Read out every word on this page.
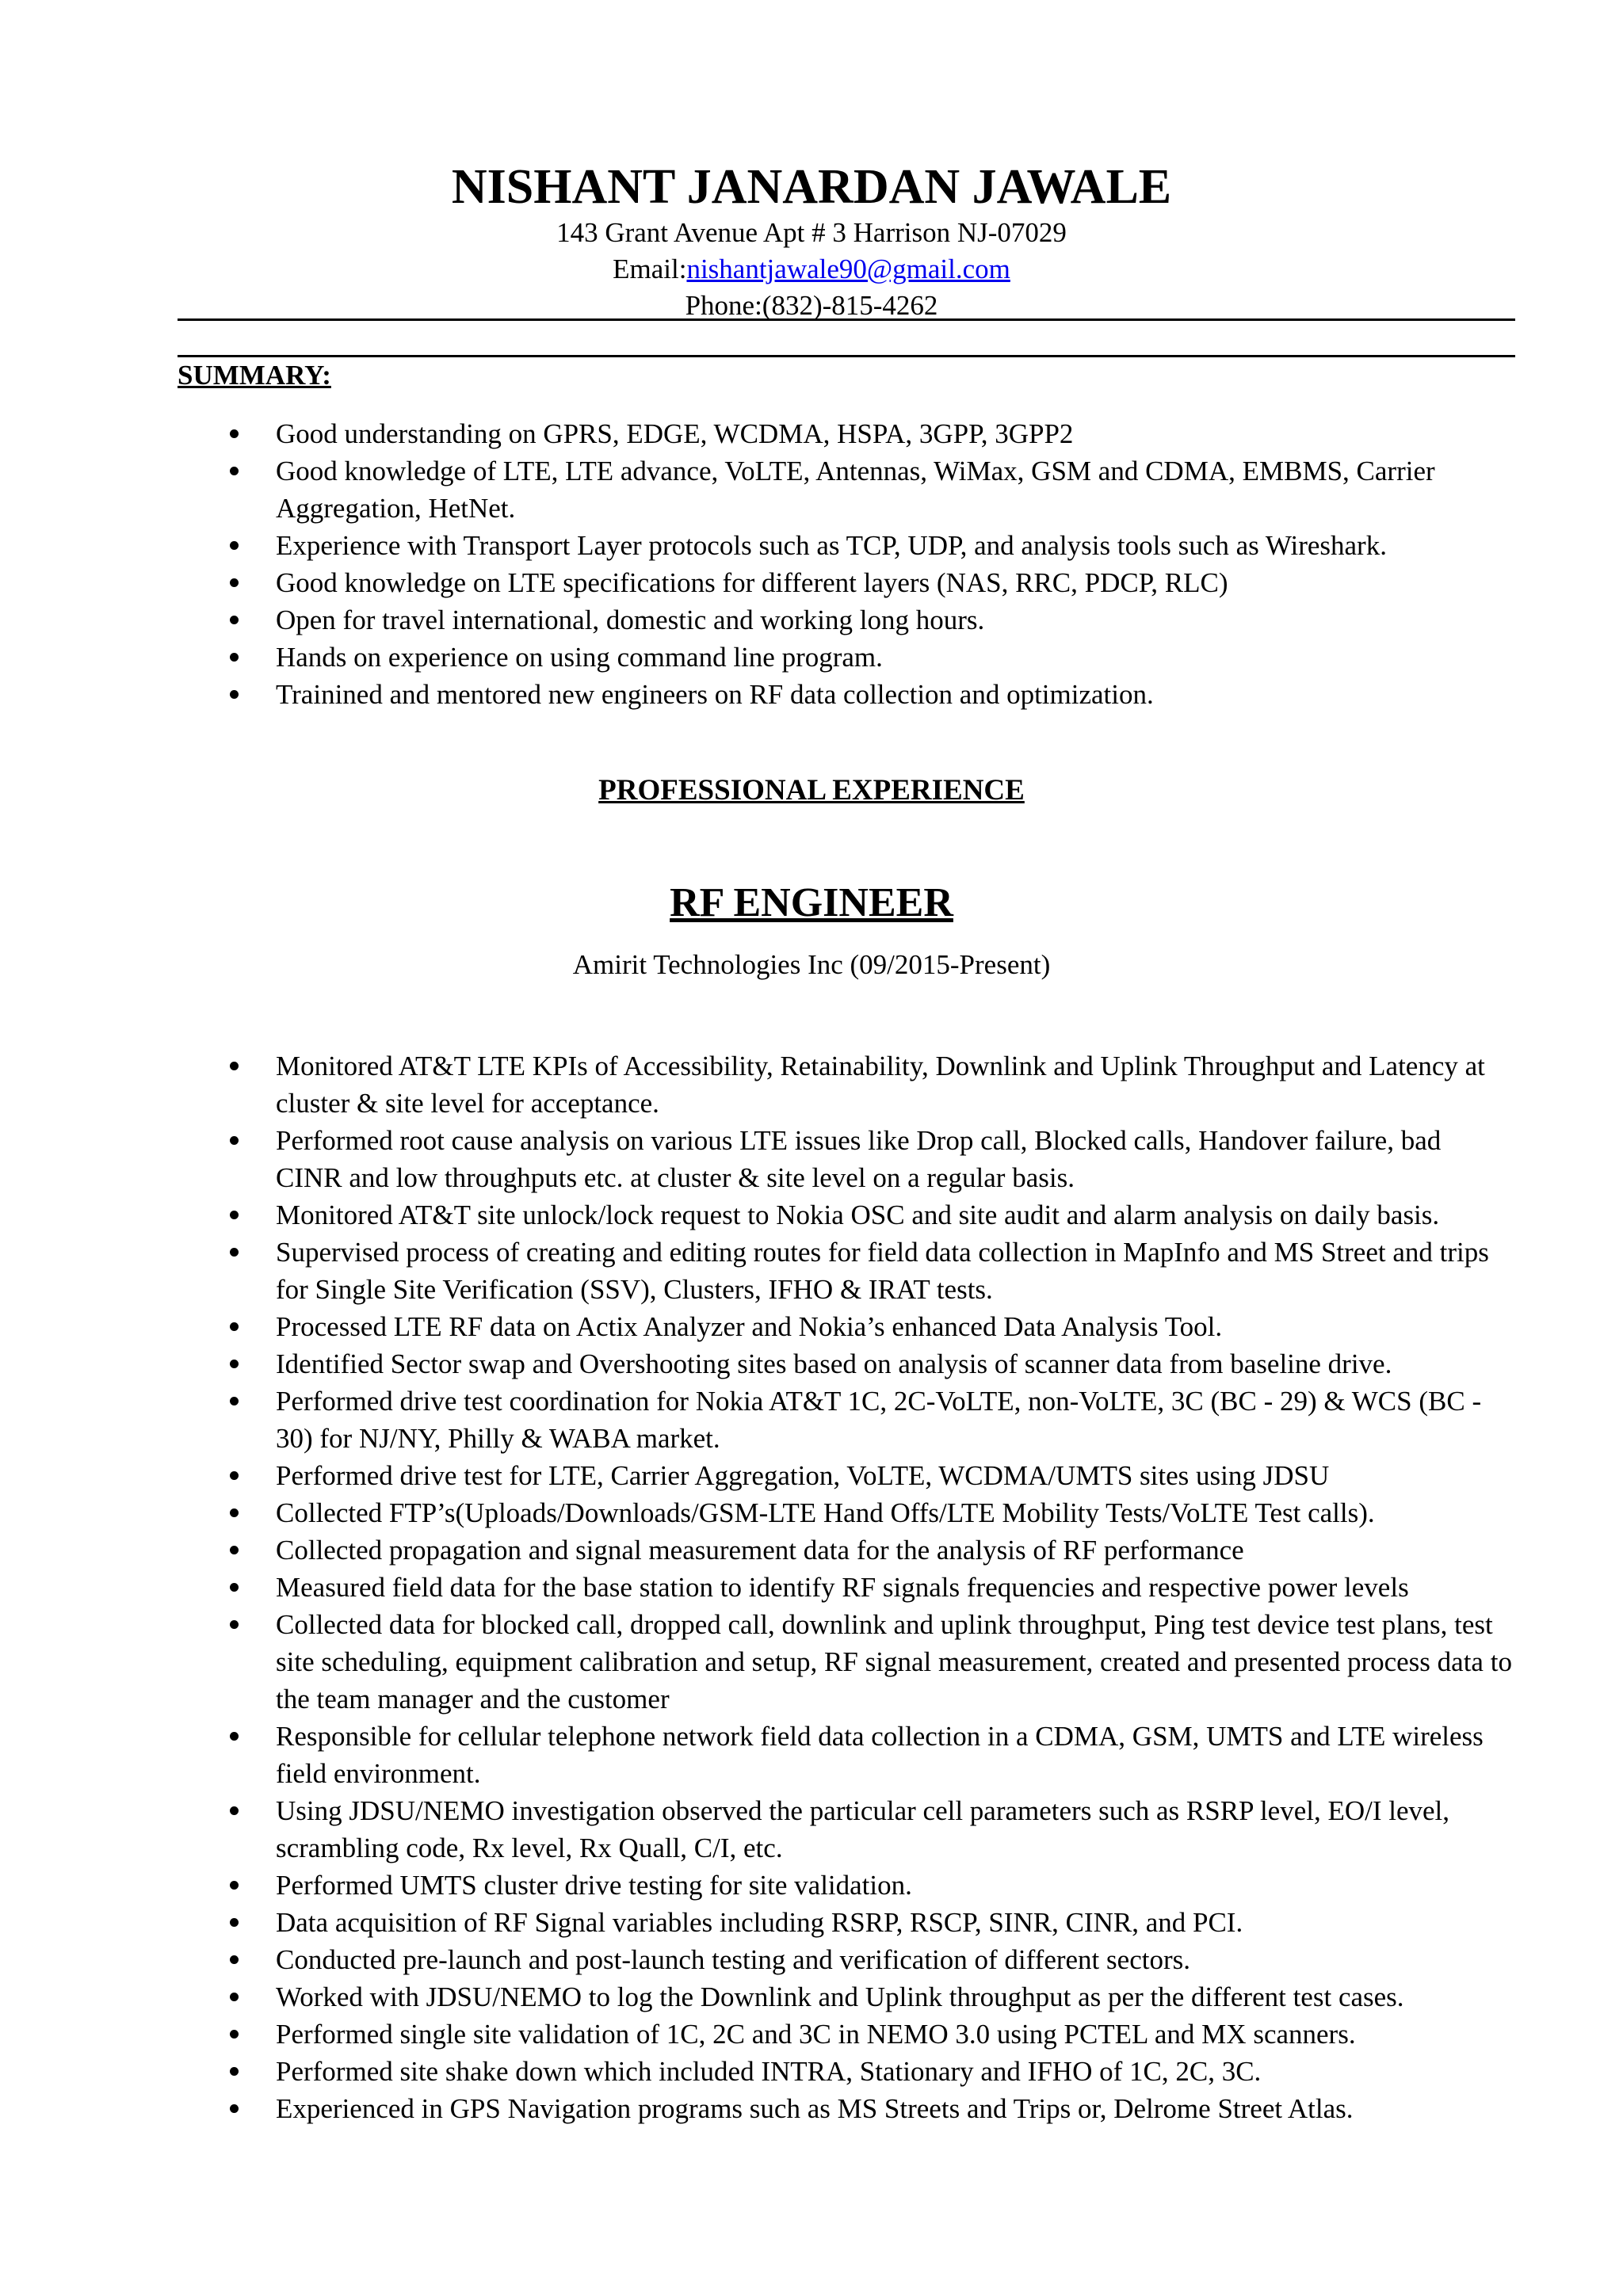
NISHANT JANARDAN JAWALE

143 Grant Avenue Apt # 3 Harrison NJ-07029

Email:nishantjawale90@gmail.com

Phone:(832)-815-4262

SUMMARY:
Good understanding on GPRS, EDGE, WCDMA, HSPA, 3GPP, 3GPP2
Good knowledge of LTE, LTE advance, VoLTE, Antennas, WiMax, GSM and CDMA, EMBMS, Carrier Aggregation, HetNet.
Experience with Transport Layer protocols such as TCP, UDP, and analysis tools such as Wireshark.
Good knowledge on LTE specifications for different layers (NAS, RRC, PDCP, RLC)
Open for travel international, domestic and working long hours.
Hands on experience on using command line program.
Trainined and mentored new engineers on RF data collection and optimization.
PROFESSIONAL EXPERIENCE
RF ENGINEER

Amirit Technologies Inc (09/2015-Present)

Monitored AT&T LTE KPIs of Accessibility, Retainability, Downlink and Uplink Throughput and Latency at cluster & site level for acceptance.
Performed root cause analysis on various LTE issues like Drop call, Blocked calls, Handover failure, bad CINR and low throughputs etc. at cluster & site level on a regular basis.
Monitored AT&T site unlock/lock request to Nokia OSC and site audit and alarm analysis on daily basis.
Supervised process of creating and editing routes for field data collection in MapInfo and MS Street and trips for Single Site Verification (SSV), Clusters, IFHO & IRAT tests.
Processed LTE RF data on Actix Analyzer and Nokia’s enhanced Data Analysis Tool.
Identified Sector swap and Overshooting sites based on analysis of scanner data from baseline drive.
Performed drive test coordination for Nokia AT&T 1C, 2C-VoLTE, non-VoLTE, 3C (BC - 29) & WCS (BC - 30) for NJ/NY, Philly & WABA market.
Performed drive test for LTE, Carrier Aggregation, VoLTE, WCDMA/UMTS sites using JDSU
Collected FTP’s(Uploads/Downloads/GSM-LTE Hand Offs/LTE Mobility Tests/VoLTE Test calls).
Collected propagation and signal measurement data for the analysis of RF performance
Measured field data for the base station to identify RF signals frequencies and respective power levels
Collected data for blocked call, dropped call, downlink and uplink throughput, Ping test device test plans, test site scheduling, equipment calibration and setup, RF signal measurement, created and presented process data to the team manager and the customer
Responsible for cellular telephone network field data collection in a CDMA, GSM, UMTS and LTE wireless field environment.
Using JDSU/NEMO investigation observed the particular cell parameters such as RSRP level, EO/I level, scrambling code, Rx level, Rx Quall, C/I, etc.
Performed UMTS cluster drive testing for site validation.
Data acquisition of RF Signal variables including RSRP, RSCP, SINR, CINR, and PCI.
Conducted pre-launch and post-launch testing and verification of different sectors.
Worked with JDSU/NEMO to log the Downlink and Uplink throughput as per the different test cases.
Performed single site validation of 1C, 2C and 3C in NEMO 3.0 using PCTEL and MX scanners.
Performed site shake down which included INTRA, Stationary and IFHO of 1C, 2C, 3C.
Experienced in GPS Navigation programs such as MS Streets and Trips or, Delrome Street Atlas.
